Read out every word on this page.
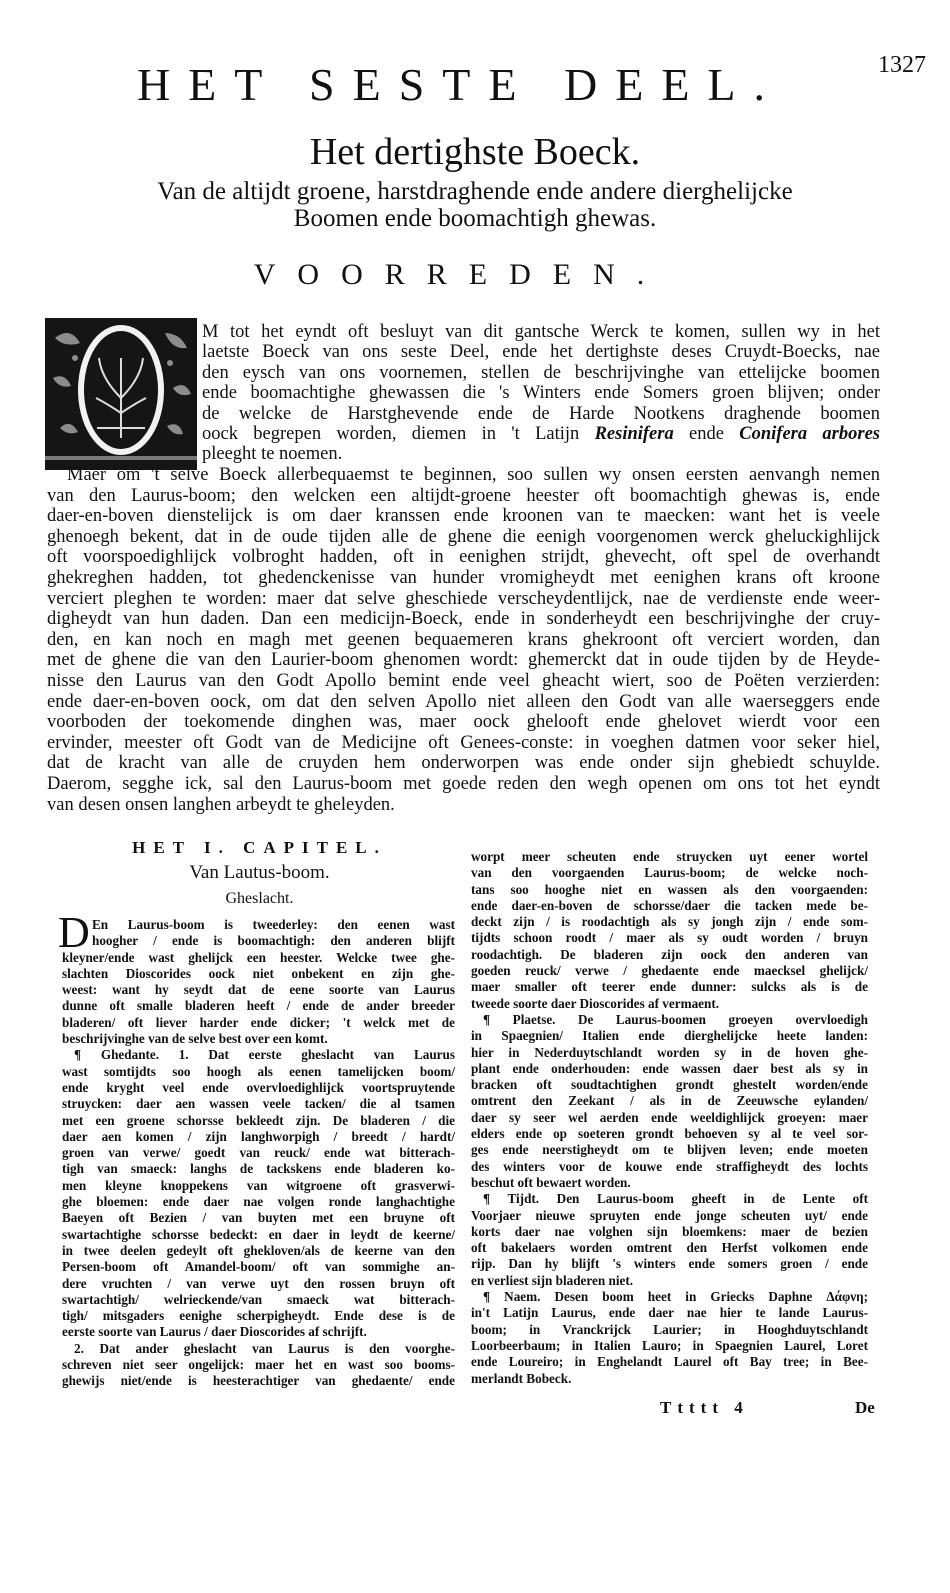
1327
HET SESTE DEEL.
Het dertighste Boeck.
Van de altijdt groene, harstdraghende ende andere dierghelijcke
Boomen ende boomachtigh ghewas.
VOORREDEN.
M tot het eyndt oft besluyt van dit gantsche Werck te komen, sullen wy in het
laetste Boeck van ons seste Deel, ende het dertighste deses Cruydt-Boecks, nae
den eysch van ons voornemen, stellen de beschrijvinghe van ettelijcke boomen
ende boomachtighe ghewassen die 's Winters ende Somers groen blijven; onder
de welcke de Harstghevende ende de Harde Nootkens draghende boomen
oock begrepen worden, diemen in 't Latijn Resinifera ende Conifera arbores
pleeght te noemen.
Maer om 't selve Boeck allerbequaemst te beginnen, soo sullen wy onsen eersten aenvangh nemen
van den Laurus-boom; den welcken een altijdt-groene heester oft boomachtigh ghewas is, ende
daer-en-boven dienstelijck is om daer kranssen ende kroonen van te maecken: want het is veele
ghenoegh bekent, dat in de oude tijden alle de ghene die eenigh voorgenomen werck gheluckighlijck
oft voorspoedighlijck volbroght hadden, oft in eenighen strijdt, ghevecht, oft spel de overhandt
ghekreghen hadden, tot ghedenckenisse van hunder vromigheydt met eenighen krans oft kroone
verciert pleghen te worden: maer dat selve gheschiede verscheydentlijck, nae de verdienste ende weer-
digheydt van hun daden. Dan een medicijn-Boeck, ende in sonderheydt een beschrijvinghe der cruy-
den, en kan noch en magh met geenen bequaemeren krans ghekroont oft verciert worden, dan
met de ghene die van den Laurier-boom ghenomen wordt: ghemerckt dat in oude tijden by de Heyde-
nisse den Laurus van den Godt Apollo bemint ende veel gheacht wiert, soo de Poëten verzierden:
ende daer-en-boven oock, om dat den selven Apollo niet alleen den Godt van alle waerseggers ende
voorboden der toekomende dinghen was, maer oock ghelooft ende ghelovet wierdt voor een
ervinder, meester oft Godt van de Medicijne oft Genees-conste: in voeghen datmen voor seker hiel,
dat de kracht van alle de cruyden hem onderworpen was ende onder sijn ghebiedt schuylde.
Daerom, segghe ick, sal den Laurus-boom met goede reden den wegh openen om ons tot het eyndt
van desen onsen langhen arbeydt te gheleyden.
HET I. CAPITEL.
Van Lautus-boom.
Gheslacht.
D En Laurus-boom is tweederley: den eenen wast
hoogher / ende is boomachtigh: den anderen blijft
kleyner/ende wast ghelijck een heester. Welcke twee ghe-
slachten Dioscorides oock niet onbekent en zijn ghe-
weest: want hy seydt dat de eene soorte van Laurus
dunne oft smalle bladeren heeft / ende de ander breeder
bladeren/ oft liever harder ende dicker; 't welck met de
beschrijvinghe van de selve best over een komt.
¶ Ghedante. 1. Dat eerste gheslacht van Laurus
wast somtijdts soo hoogh als eenen tamelijcken boom/
ende kryght veel ende overvloedighlijck voortspruytende
struycken: daer aen wassen veele tacken/ die al tsamen
met een groene schorsse bekleedt zijn. De bladeren / die
daer aen komen / zijn langhworpigh / breedt / hardt/
groen van verwe/ goedt van reuck/ ende wat bitterach-
tigh van smaeck: langhs de tackskens ende bladeren ko-
men kleyne knoppekens van witgroene oft grasverwi-
ghe bloemen: ende daer nae volgen ronde langhachtighe
Baeyen oft Bezien / van buyten met een bruyne oft
swartachtighe schorsse bedeckt: en daer in leydt de keerne/
in twee deelen gedeylt oft ghekloven/als de keerne van den
Persen-boom oft Amandel-boom/ oft van sommighe an-
dere vruchten / van verwe uyt den rossen bruyn oft
swartachtigh/ welrieckende/van smaeck wat bitterach-
tigh/ mitsgaders eenighe scherpigheydt. Ende dese is de
eerste soorte van Laurus / daer Dioscorides af schrijft.
2. Dat ander gheslacht van Laurus is den voorghe-
schreven niet seer ongelijck: maer het en wast soo booms-
ghewijs niet/ende is heesterachtiger van ghedaente/ ende
worpt meer scheuten ende struycken uyt eener wortel
van den voorgaenden Laurus-boom; de welcke noch-
tans soo hooghe niet en wassen als den voorgaenden:
ende daer-en-boven de schorsse/daer die tacken mede be-
deckt zijn / is roodachtigh als sy jongh zijn / ende som-
tijdts schoon roodt / maer als sy oudt worden / bruyn
roodachtigh. De bladeren zijn oock den anderen van
goeden reuck/ verwe / ghedaente ende maecksel ghelijck/
maer smaller oft teerer ende dunner: sulcks als is de
tweede soorte daer Dioscorides af vermaent.
¶ Plaetse. De Laurus-boomen groeyen overvloedigh
in Spaegnien/ Italien ende dierghelijcke heete landen:
hier in Nederduytschlandt worden sy in de hoven ghe-
plant ende onderhouden: ende wassen daer best als sy in
bracken oft soudtachtighen grondt ghestelt worden/ende
omtrent den Zeekant / als in de Zeeuwsche eylanden/
daer sy seer wel aerden ende weeldighlijck groeyen: maer
elders ende op soeteren grondt behoeven sy al te veel sor-
ges ende neerstigheydt om te blijven leven; ende moeten
des winters voor de kouwe ende straffigheydt des lochts
beschut oft bewaert worden.
¶ Tijdt. Den Laurus-boom gheeft in de Lente oft
Voorjaer nieuwe spruyten ende jonge scheuten uyt/ ende
korts daer nae volghen sijn bloemkens: maer de bezien
oft bakelaers worden omtrent den Herfst volkomen ende
rijp. Dan hy blijft 's winters ende somers groen / ende
en verliest sijn bladeren niet.
¶ Naem. Desen boom heet in Griecks Daphne Δάφνη;
in't Latijn Laurus, ende daer nae hier te lande Laurus-
boom; in Vranckrijck Laurier; in Hooghduytschlandt
Loorbeerbaum; in Italien Lauro; in Spaegnien Laurel, Loret
ende Loureiro; in Enghelandt Laurel oft Bay tree; in Bee-
merlandt Bobeck.
Ttttt 4	De
